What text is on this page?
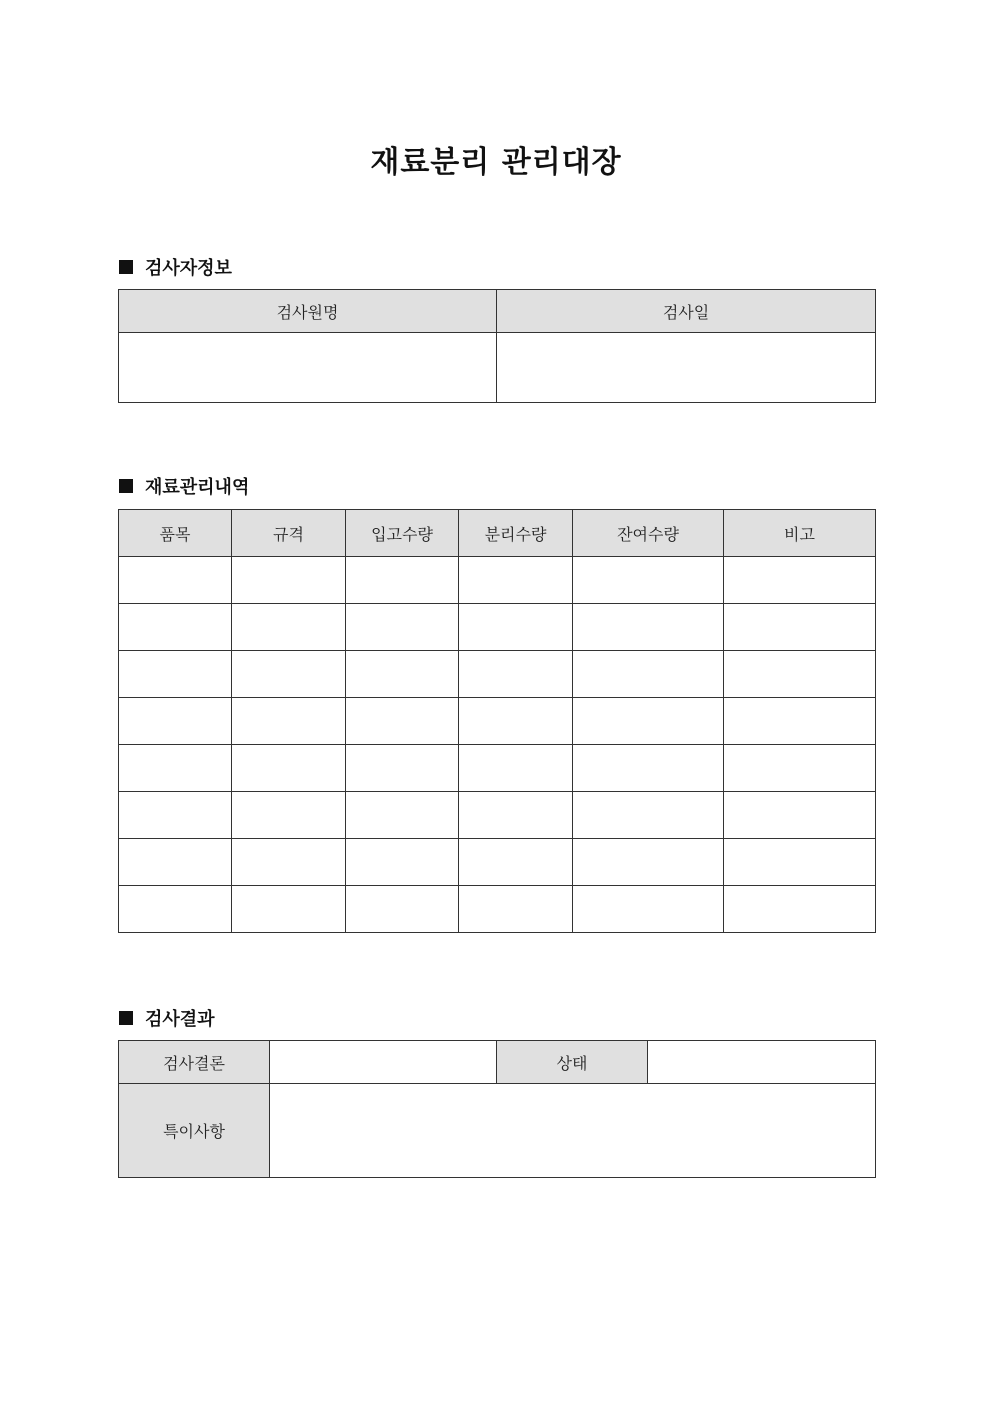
재료분리 관리대장
검사자정보
검사원명	검사일

재료관리내역
품목	규격	입고수량	분리수량	잔여수량	비고

검사결과
검사결론		상태	
특이사항			
